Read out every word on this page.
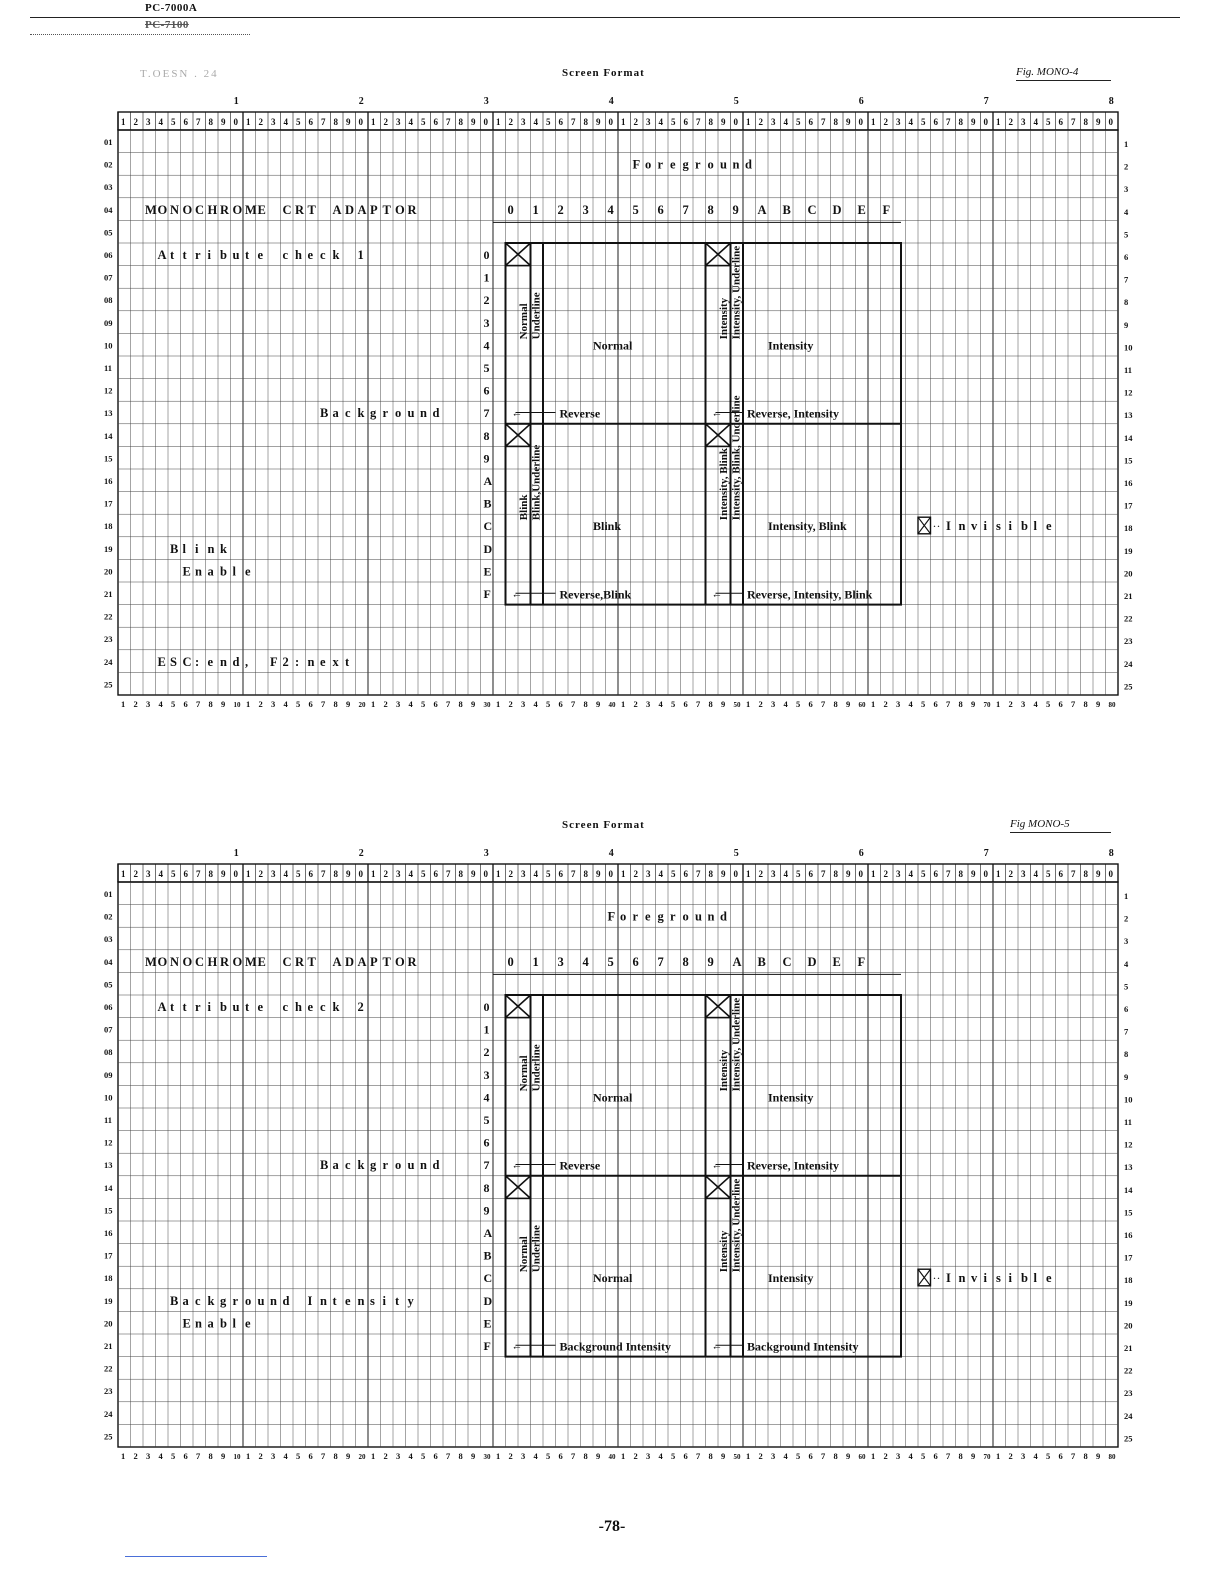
PC-7000A
PC-7100
T.OESN . 24	Screen Format	Fig. MONO-4
1	2	3	4	5	6	7	8
1 2 3 4 5 6 7 8 9 0 1 2 3 4 5 6 7 8 9 0 1 2 3 4 5 6 7 8 9 0 1 2 3 4 5 6 7 8 9 0 1 2 3 4 5 6 7 8 9 0 1 2 3 4 5 6 7 8 9 0 1 2 3 4 5 6 7 8 9 0 1 2 3 4 5 6 7 8 9 0
01	1
02	2
03	3
04	4
05	5
06	6
07	7
08	8
09	9
10	10
11	11
12	12
13	13
14	14
15	15
16	16
17	17
18	18
19	19
20	20
21	21
22	22
23	23
24	24
25	25
1 2 3 4 5 6 7 8 9 10 1 2 3 4 5 6 7 8 9 20 1 2 3 4 5 6 7 8 9 30 1 2 3 4 5 6 7 8 9 40 1 2 3 4 5 6 7 8 9 50 1 2 3 4 5 6 7 8 9 60 1 2 3 4 5 6 7 8 9 70 1 2 3 4 5 6 7 8 9 80
F o r e g r o u n d
M O N O C H R O M E C R T A D A P T O R	0 1 2 3 4 5 6 7 8 9 A B C D E F
A t t r i b u t e c h e c k 1
B a c k g r o u n d
B l i n k
E n a b l e
E S C : e n d , F 2 : n e x t
0
1
2
3
4
5
6
7
8
9
A
B
C
D
E
F
Normal Underline
Normal
Intensity Intensity, Underline
Intensity
←	Reverse	← Reverse, Intensity
Blink Blink,Underline
Blink
Intensity, Blink Intensity, Blink, Underline
Intensity, Blink
←	Reverse,Blink	← Reverse, Intensity, Blink
·· I n v i s i b l e
Screen Format	Fig MONO-5
1	2	3	4	5	6	7	8
1 2 3 4 5 6 7 8 9 0 1 2 3 4 5 6 7 8 9 0 1 2 3 4 5 6 7 8 9 0 1 2 3 4 5 6 7 8 9 0 1 2 3 4 5 6 7 8 9 0 1 2 3 4 5 6 7 8 9 0 1 2 3 4 5 6 7 8 9 0 1 2 3 4 5 6 7 8 9 0
01	1
02	2
03	3
04	4
05	5
06	6
07	7
08	8
09	9
10	10
11	11
12	12
13	13
14	14
15	15
16	16
17	17
18	18
19	19
20	20
21	21
22	22
23	23
24	24
25	25
1 2 3 4 5 6 7 8 9 10 1 2 3 4 5 6 7 8 9 20 1 2 3 4 5 6 7 8 9 30 1 2 3 4 5 6 7 8 9 40 1 2 3 4 5 6 7 8 9 50 1 2 3 4 5 6 7 8 9 60 1 2 3 4 5 6 7 8 9 70 1 2 3 4 5 6 7 8 9 80
F o r e g r o u n d
M O N O C H R O M E C R T A D A P T O R	0 1 3 4 5 6 7 8 9 A B C D E F
A t t r i b u t e c h e c k 2
B a c k g r o u n d
B a c k g r o u n d I n t e n s i t y
E n a b l e
0
1
2
3
4
5
6
7
8
9
A
B
C
D
E
F
Normal Underline
Normal
Intensity Intensity, Underline
Intensity
←	Reverse	← Reverse, Intensity
Normal Underline
Normal
Intensity Intensity, Underline
Intensity
←	Background Intensity	← Background Intensity
·· I n v i s i b l e
-78-
